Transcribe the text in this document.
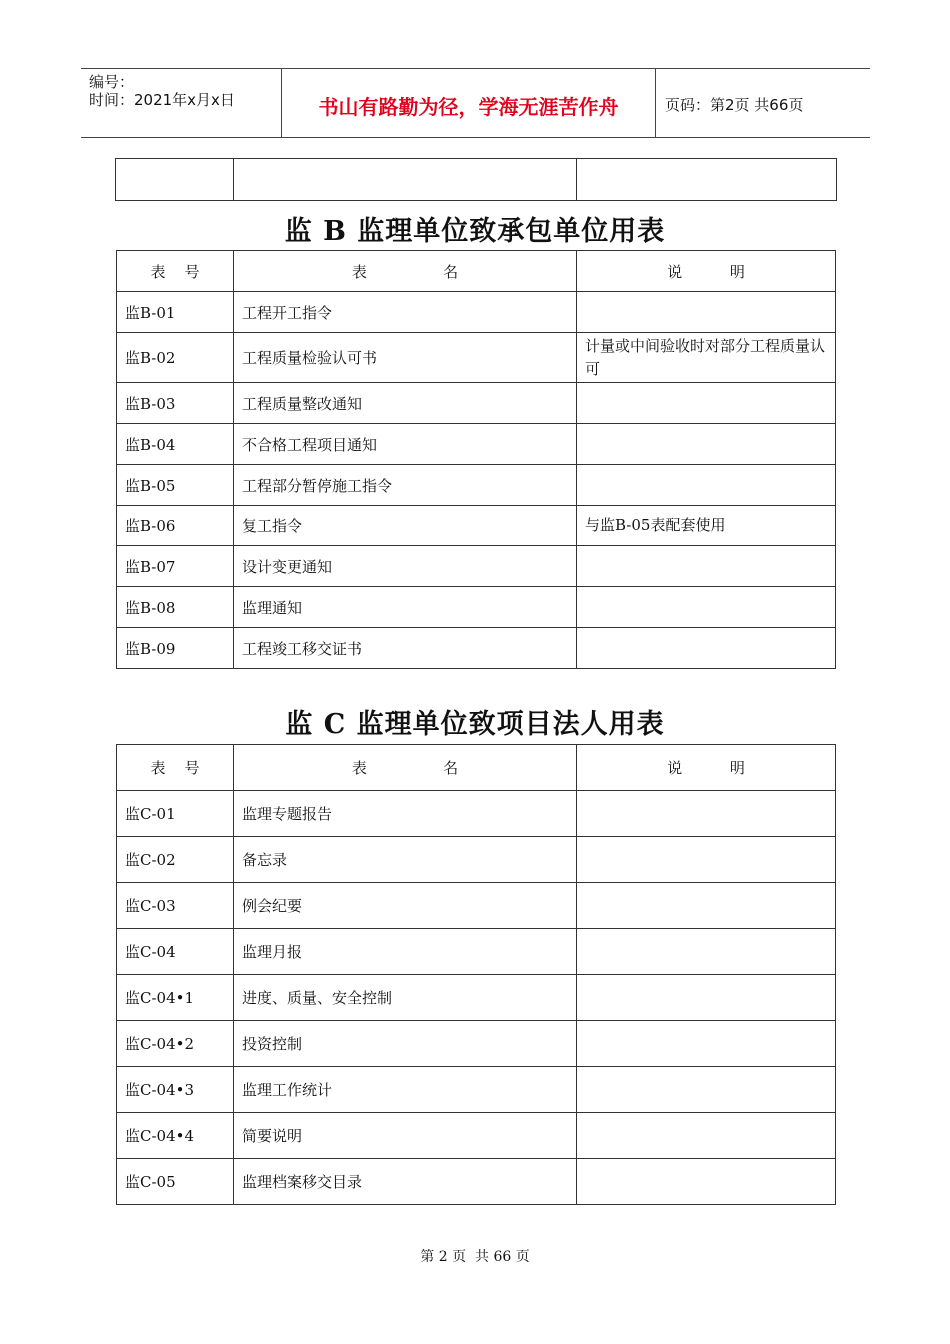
编号：
时间：2021年x月x日	书山有路勤为径，学海无涯苦作舟	页码：第2页 共66页

监 B 监理单位致承包单位用表
表    号	表                名	说          明
监B-01	工程开工指令	
监B-02	工程质量检验认可书	计量或中间验收时对部分工程质量认可
监B-03	工程质量整改通知	
监B-04	不合格工程项目通知	
监B-05	工程部分暂停施工指令	
监B-06	复工指令	与监B-05表配套使用
监B-07	设计变更通知	
监B-08	监理通知	
监B-09	工程竣工移交证书	
监 C 监理单位致项目法人用表
表    号	表                名	说          明
监C-01	监理专题报告	
监C-02	备忘录	
监C-03	例会纪要	
监C-04	监理月报	
监C-04•1	进度、质量、安全控制	
监C-04•2	投资控制	
监C-04•3	监理工作统计	
监C-04•4	简要说明	
监C-05	监理档案移交目录	
第 2 页  共 66 页
